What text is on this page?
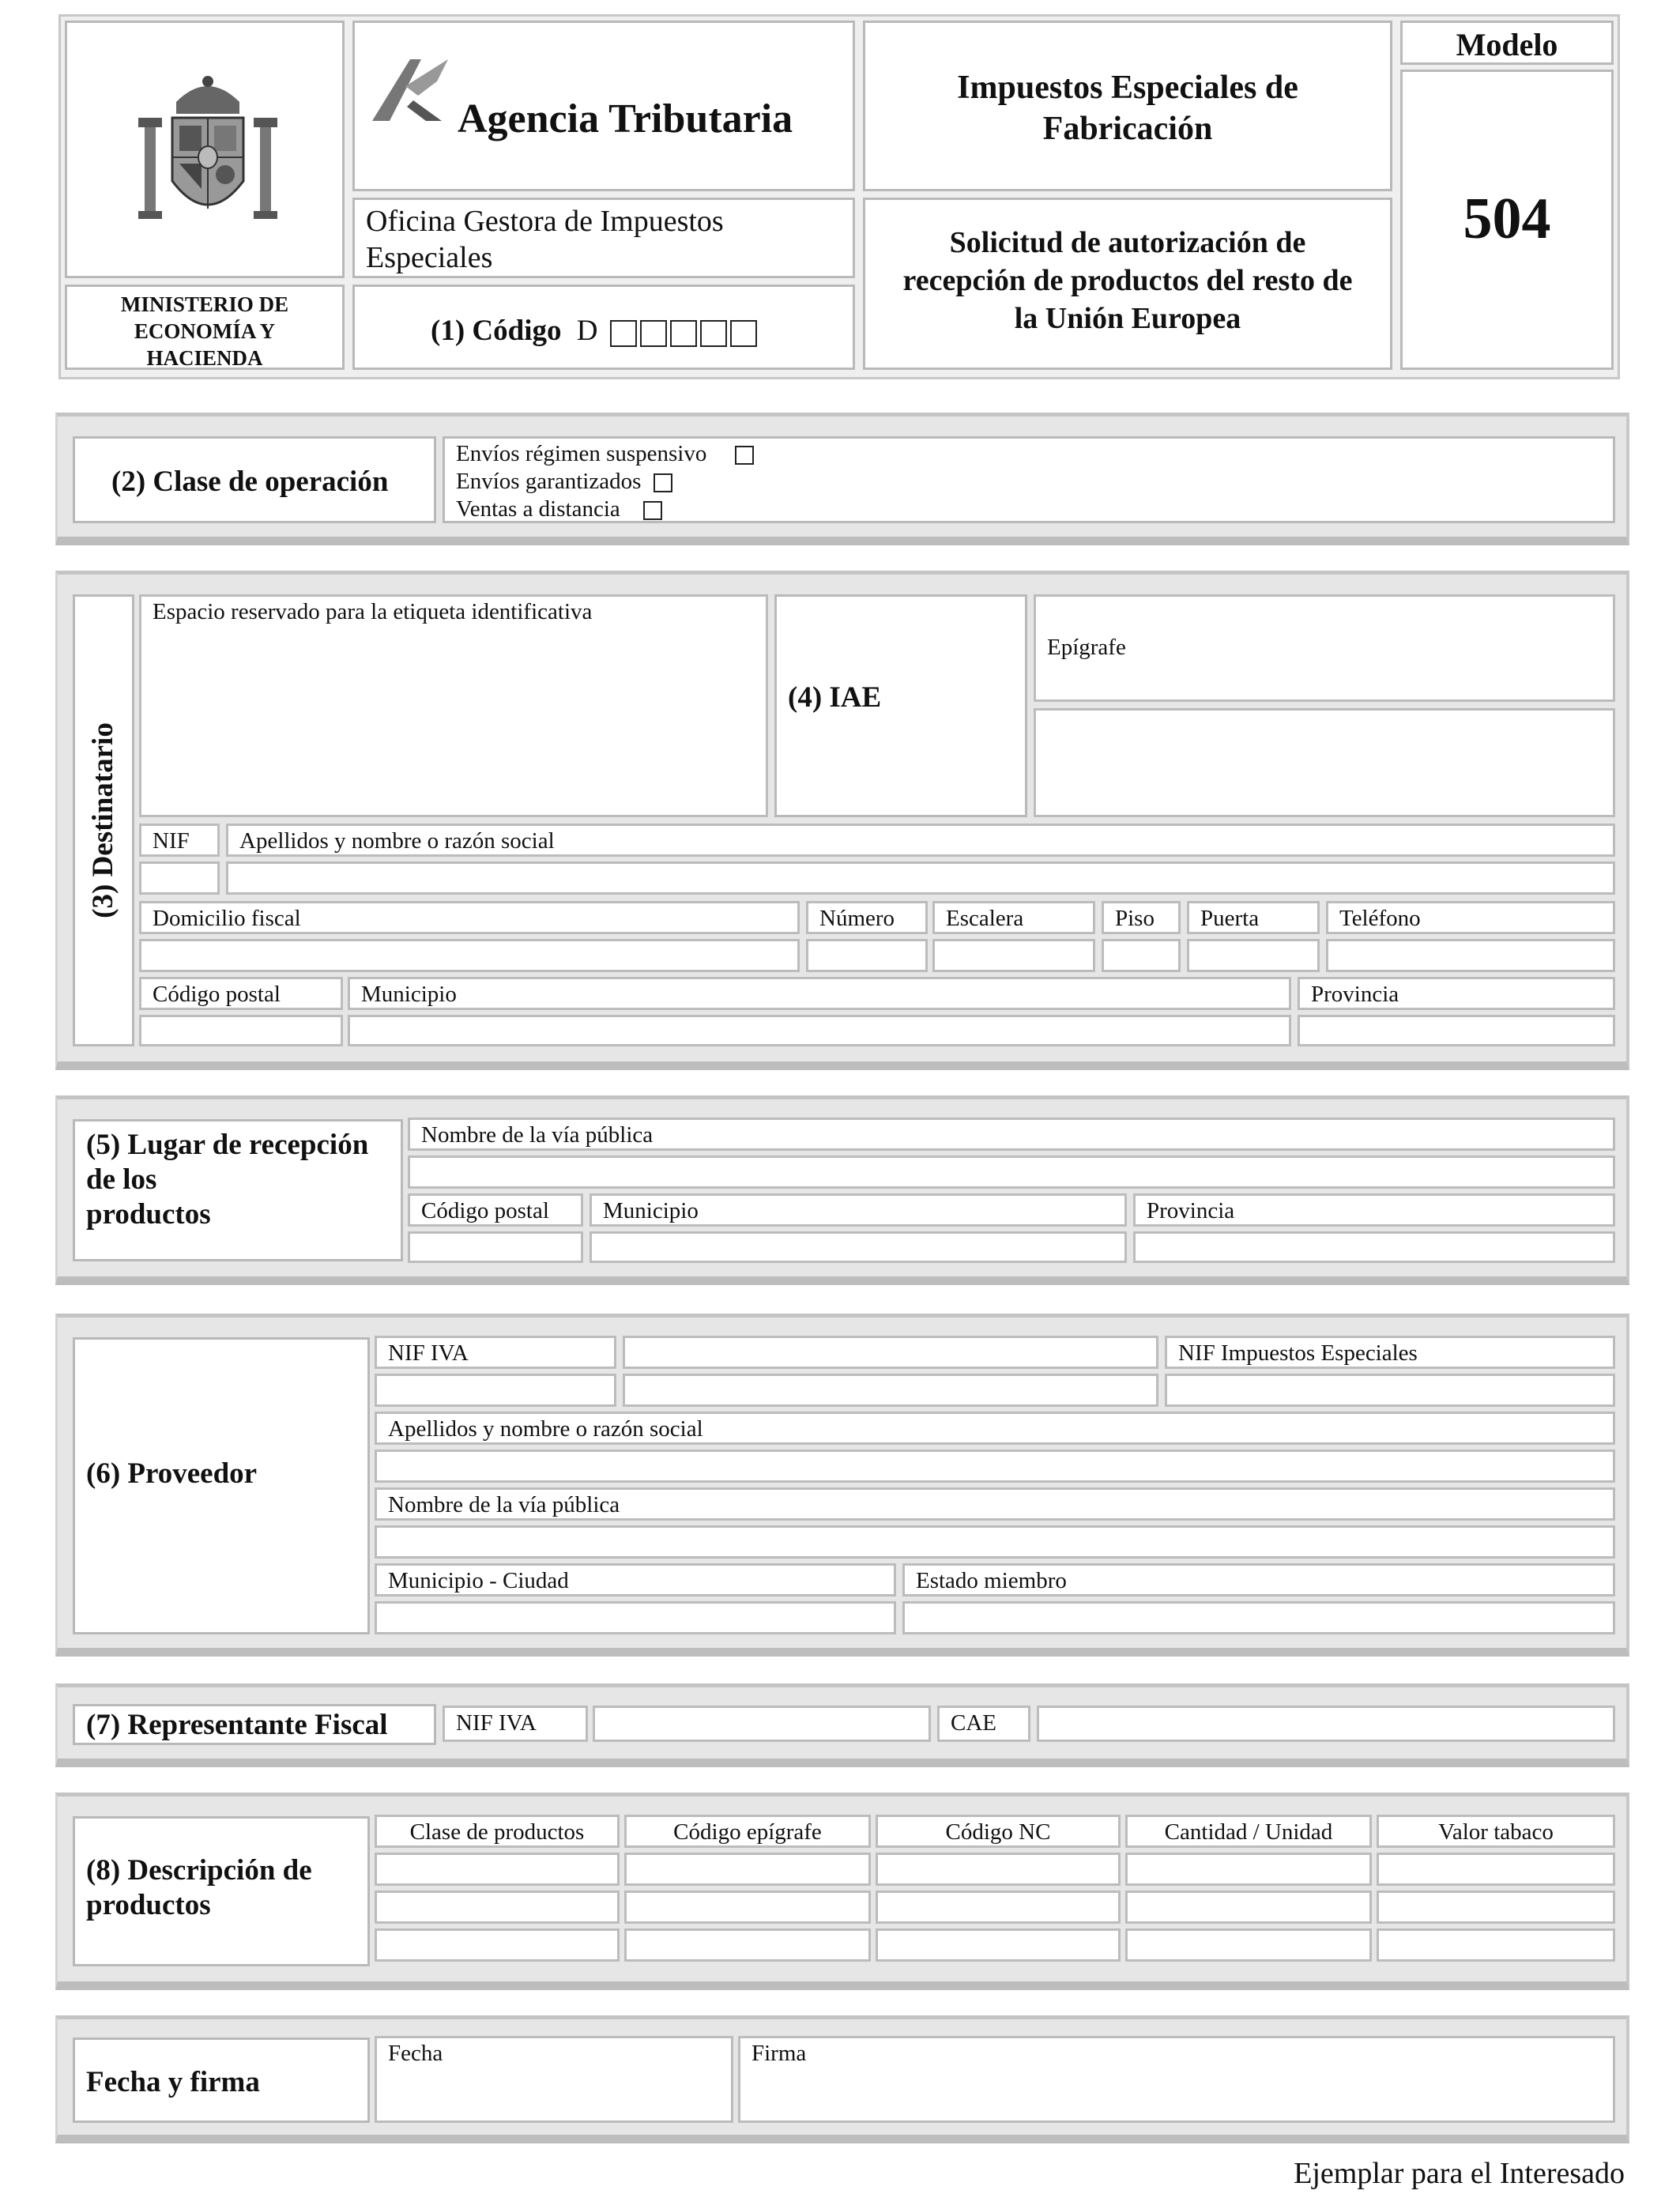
MINISTERIO DE
ECONOMÍA Y
HACIENDA
Agencia Tributaria
Oficina Gestora de Impuestos
Especiales
(1) Código D
Impuestos Especiales de
Fabricación
Solicitud de autorización de
recepción de productos del resto de
la Unión Europea
Modelo
504
(2) Clase de operación
Envíos régimen suspensivo
Envíos garantizados
Ventas a distancia
(3) Destinatario
Espacio reservado para la etiqueta identificativa
(4) IAE
Epígrafe
NIF	Apellidos y nombre o razón social
Domicilio fiscal	Número	Escalera	Piso	Puerta	Teléfono
Código postal	Municipio	Provincia
(5) Lugar de recepción
de los
productos
Nombre de la vía pública
Código postal	Municipio	Provincia
(6) Proveedor
NIF IVA	NIF Impuestos Especiales
Apellidos y nombre o razón social
Nombre de la vía pública
Municipio - Ciudad	Estado miembro
(7) Representante Fiscal	NIF IVA	CAE
(8) Descripción de
productos
Clase de productos	Código epígrafe	Código NC	Cantidad / Unidad	Valor tabaco
Fecha y firma
Fecha	Firma
Ejemplar para el Interesado
